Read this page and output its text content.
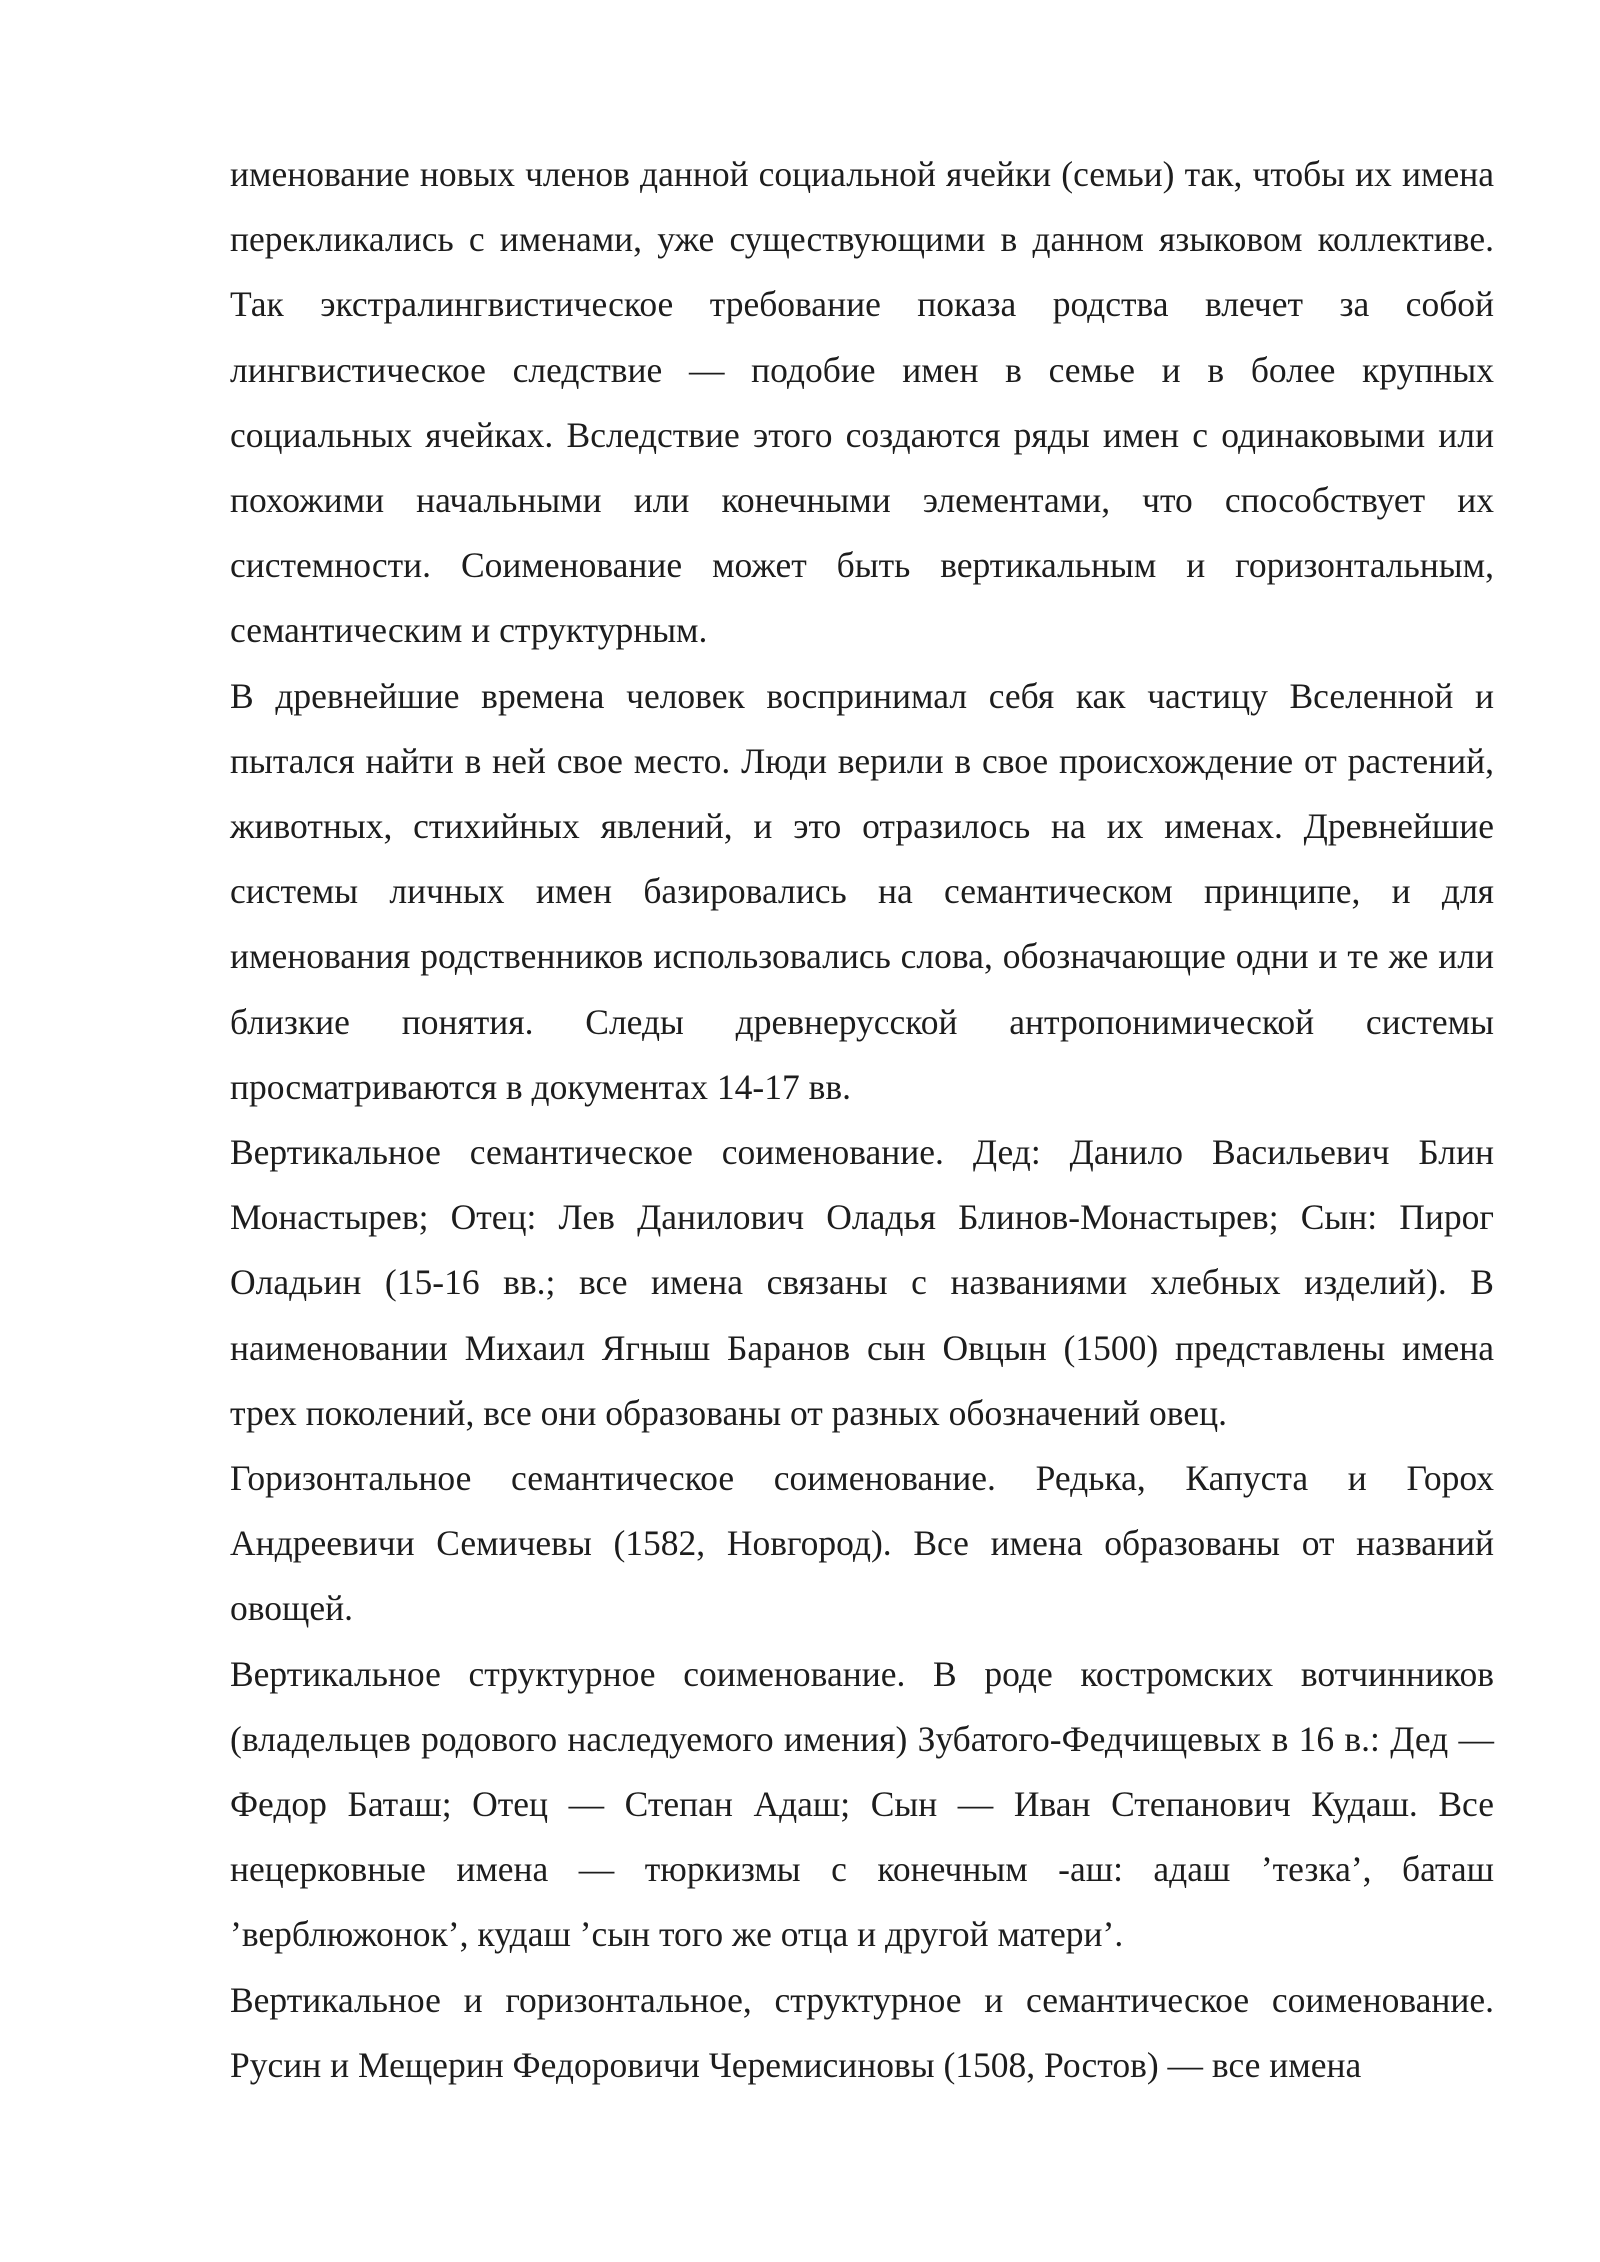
именование новых членов данной социальной ячейки (семьи) так, чтобы их имена перекликались с именами, уже существующими в данном языковом коллективе. Так экстралингвистическое требование показа родства влечет за собой лингвистическое следствие — подобие имен в семье и в более крупных социальных ячейках. Вследствие этого создаются ряды имен с одинаковыми или похожими начальными или конечными элементами, что способствует их системности. Соименование может быть вертикальным и горизонтальным, семантическим и структурным.

В древнейшие времена человек воспринимал себя как частицу Вселенной и пытался найти в ней свое место. Люди верили в свое происхождение от растений, животных, стихийных явлений, и это отразилось на их именах. Древнейшие системы личных имен базировались на семантическом принципе, и для именования родственников использовались слова, обозначающие одни и те же или близкие понятия. Следы древнерусской антропонимической системы просматриваются в документах 14-17 вв.

Вертикальное семантическое соименование. Дед: Данило Васильевич Блин Монастырев; Отец: Лев Данилович Оладья Блинов-Монастырев; Сын: Пирог Оладьин (15-16 вв.; все имена связаны с названиями хлебных изделий). В наименовании Михаил Ягныш Баранов сын Овцын (1500) представлены имена трех поколений, все они образованы от разных обозначений овец.

Горизонтальное семантическое соименование. Редька, Капуста и Горох Андреевичи Семичевы (1582, Новгород). Все имена образованы от названий овощей.

Вертикальное структурное соименование. В роде костромских вотчинников (владельцев родового наследуемого имения) Зубатого-Федчищевых в 16 в.: Дед — Федор Баташ; Отец — Степан Адаш; Сын — Иван Степанович Кудаш. Все нецерковные имена — тюркизмы с конечным -аш: адаш ’тезка’, баташ ’верблюжонок’, кудаш ’сын того же отца и другой матери’.

Вертикальное и горизонтальное, структурное и семантическое соименование. Русин и Мещерин Федоровичи Черемисиновы (1508, Ростов) — все имена
